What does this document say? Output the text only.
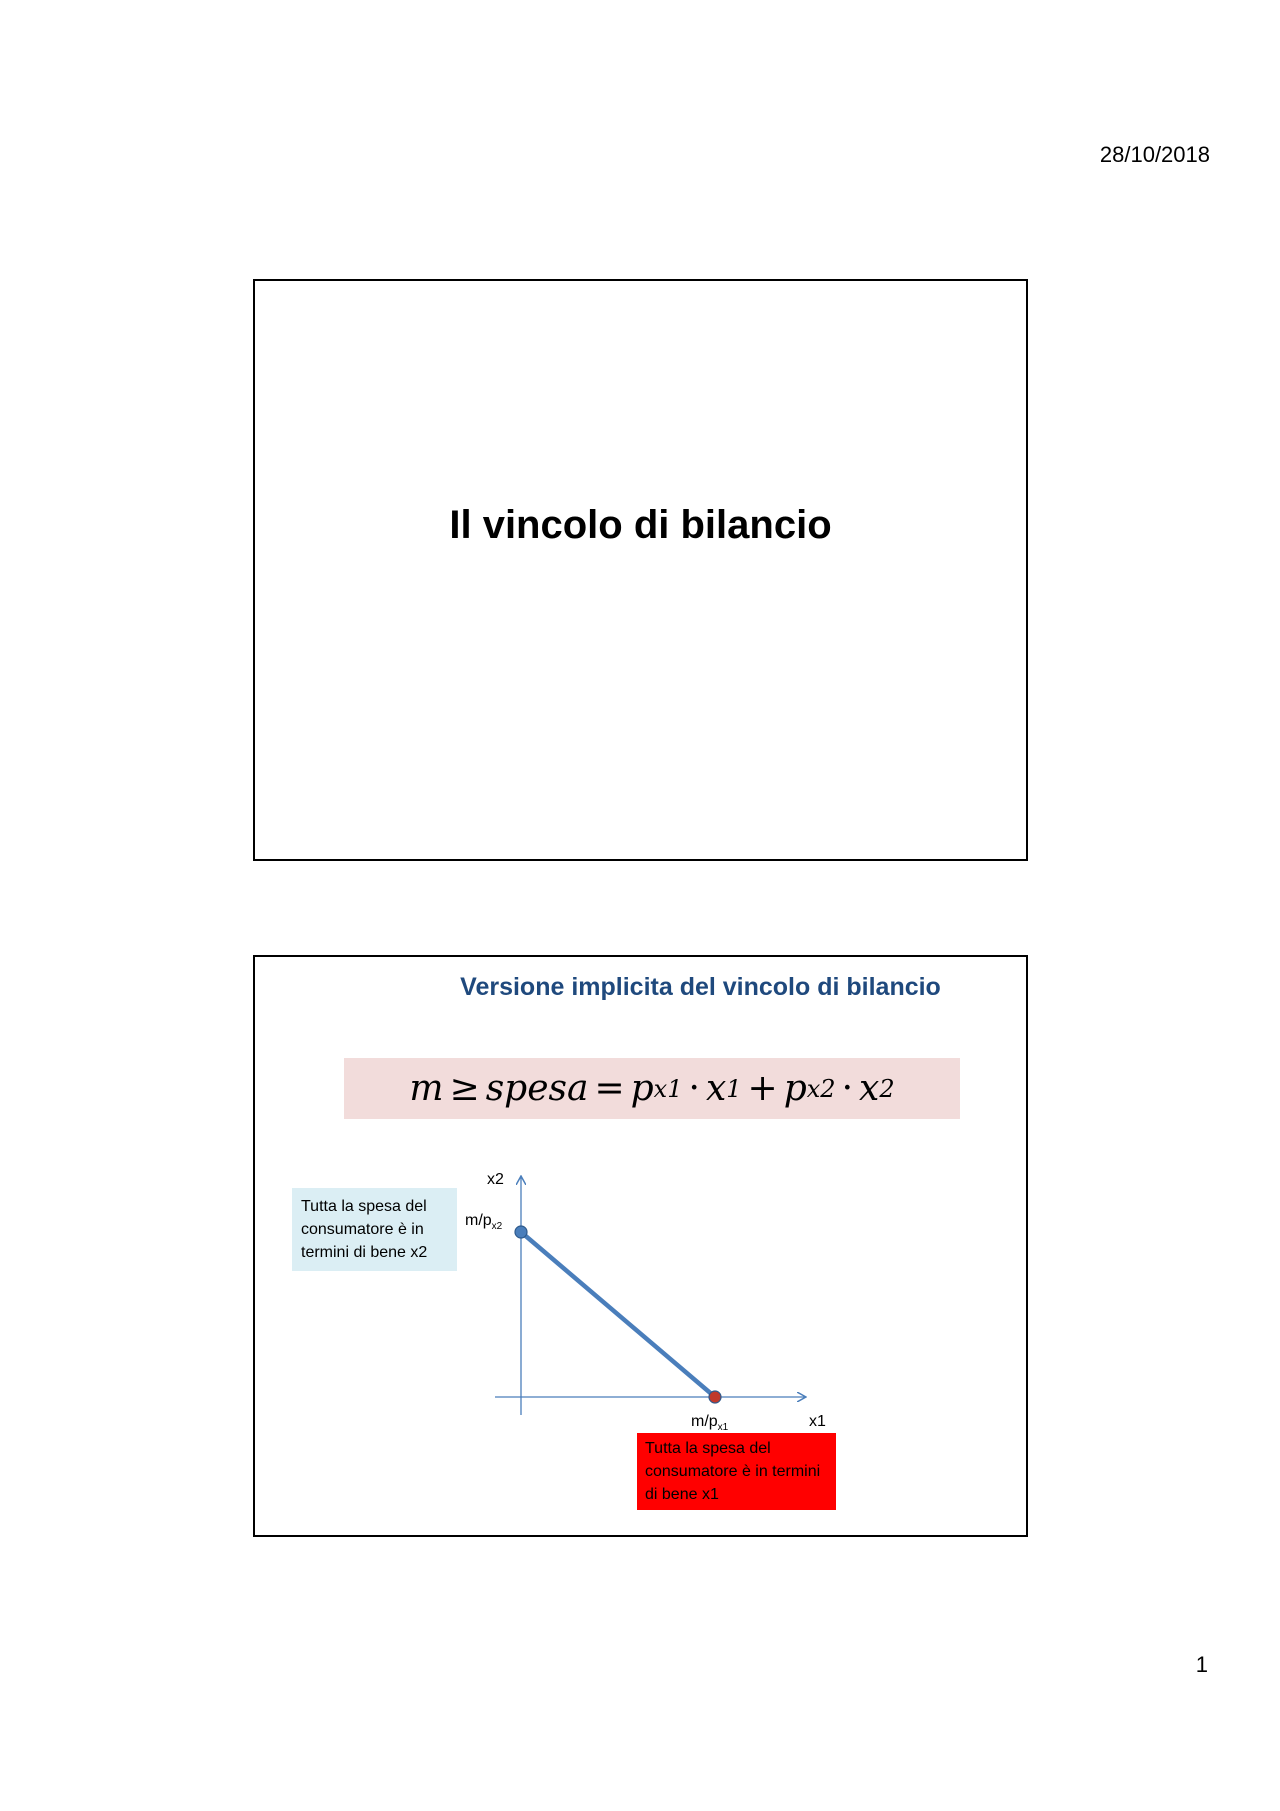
28/10/2018
Il vincolo di bilancio
Versione implicita del vincolo di bilancio
m ≥ spesa = p x1 · x 1 + p x2 · x 2
x2
x1
$m/p_{x2}$
$m/p_{x1}$
Tutta la spesa del consumatore è in termini di bene x2
Tutta la spesa del consumatore è in termini di bene x1
1
